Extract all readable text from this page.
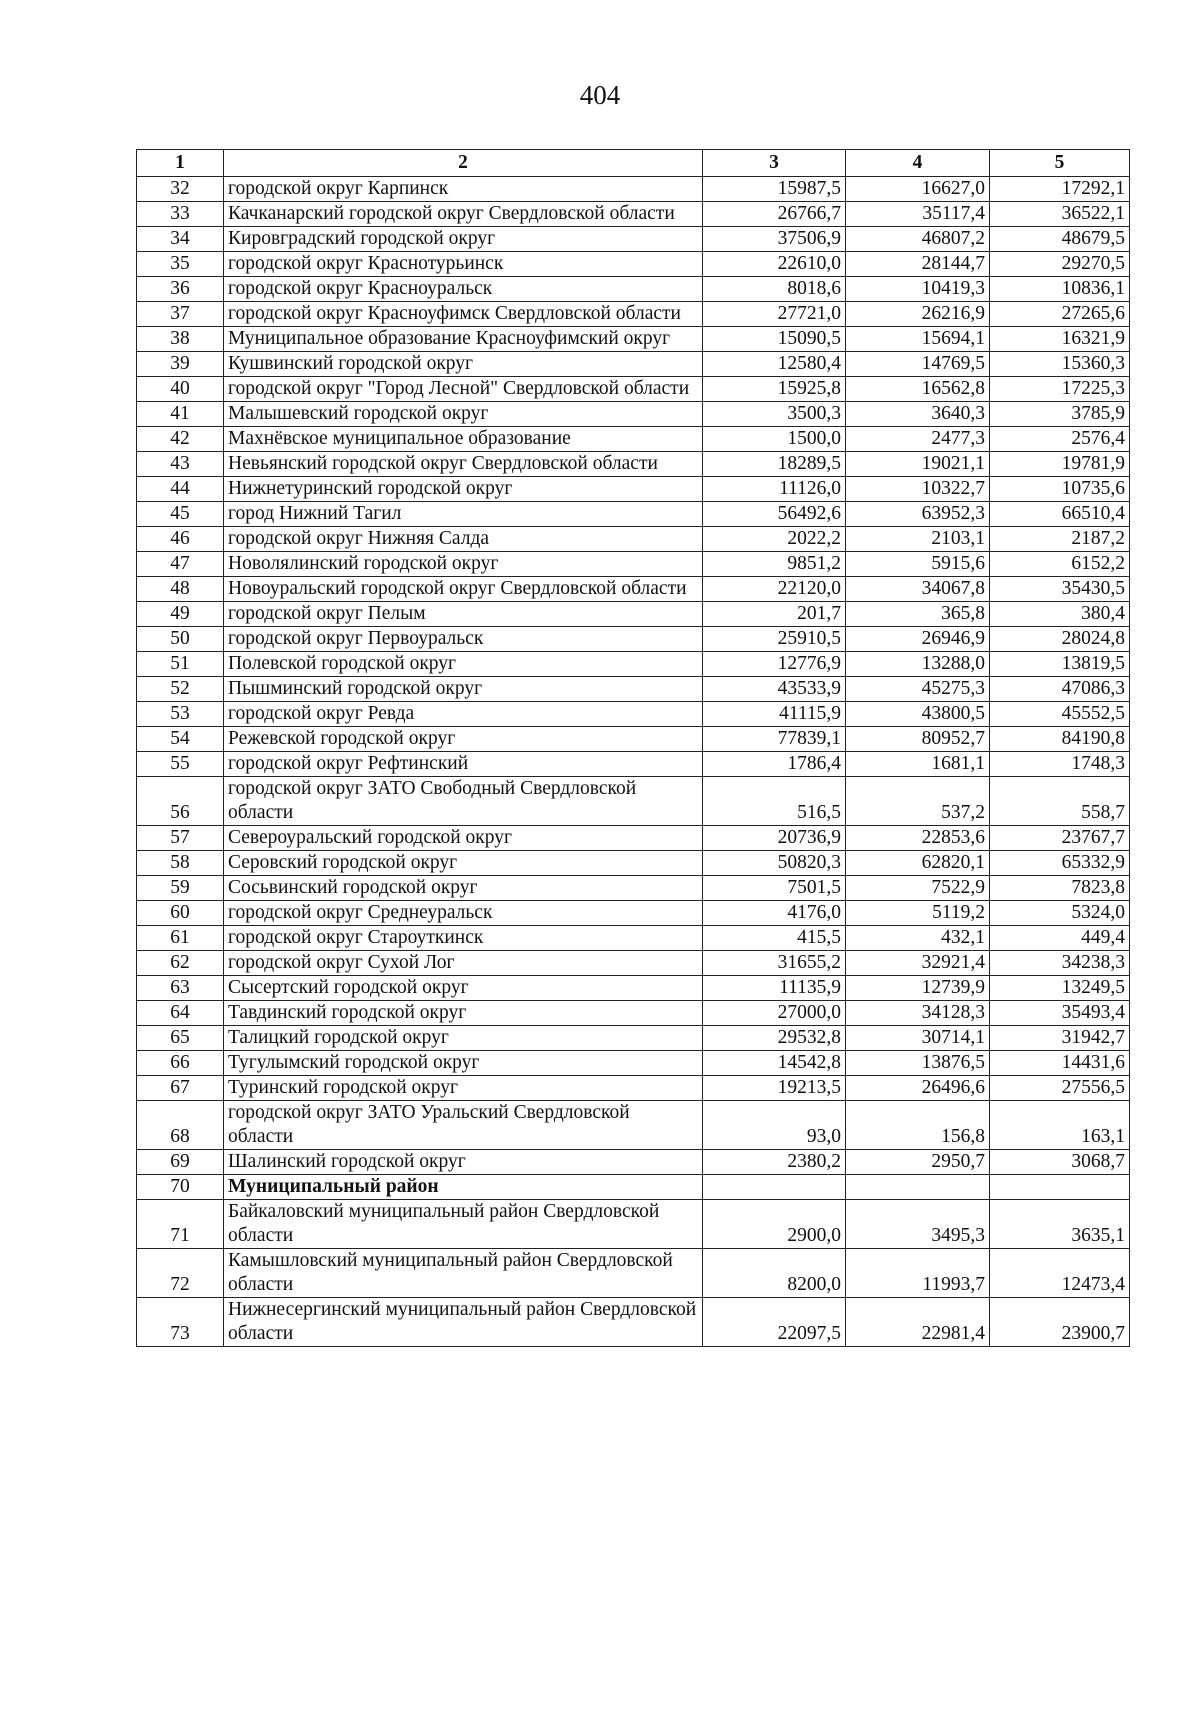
404
1	2	3	4	5
32	городской округ Карпинск	15987,5	16627,0	17292,1
33	Качканарский городской округ Свердловской области	26766,7	35117,4	36522,1
34	Кировградский городской округ	37506,9	46807,2	48679,5
35	городской округ Краснотурьинск	22610,0	28144,7	29270,5
36	городской округ Красноуральск	8018,6	10419,3	10836,1
37	городской округ Красноуфимск Свердловской области	27721,0	26216,9	27265,6
38	Муниципальное образование Красноуфимский округ	15090,5	15694,1	16321,9
39	Кушвинский городской округ	12580,4	14769,5	15360,3
40	городской округ "Город Лесной" Свердловской области	15925,8	16562,8	17225,3
41	Малышевский городской округ	3500,3	3640,3	3785,9
42	Махнёвское муниципальное образование	1500,0	2477,3	2576,4
43	Невьянский городской округ Свердловской области	18289,5	19021,1	19781,9
44	Нижнетуринский городской округ	11126,0	10322,7	10735,6
45	город Нижний Тагил	56492,6	63952,3	66510,4
46	городской округ Нижняя Салда	2022,2	2103,1	2187,2
47	Новолялинский городской округ	9851,2	5915,6	6152,2
48	Новоуральский городской округ Свердловской области	22120,0	34067,8	35430,5
49	городской округ Пелым	201,7	365,8	380,4
50	городской округ Первоуральск	25910,5	26946,9	28024,8
51	Полевской городской округ	12776,9	13288,0	13819,5
52	Пышминский городской округ	43533,9	45275,3	47086,3
53	городской округ Ревда	41115,9	43800,5	45552,5
54	Режевской городской округ	77839,1	80952,7	84190,8
55	городской округ Рефтинский	1786,4	1681,1	1748,3
56	городской округ ЗАТО Свободный Свердловской области	516,5	537,2	558,7
57	Североуральский городской округ	20736,9	22853,6	23767,7
58	Серовский городской округ	50820,3	62820,1	65332,9
59	Сосьвинский городской округ	7501,5	7522,9	7823,8
60	городской округ Среднеуральск	4176,0	5119,2	5324,0
61	городской округ Староуткинск	415,5	432,1	449,4
62	городской округ Сухой Лог	31655,2	32921,4	34238,3
63	Сысертский городской округ	11135,9	12739,9	13249,5
64	Тавдинский городской округ	27000,0	34128,3	35493,4
65	Талицкий городской округ	29532,8	30714,1	31942,7
66	Тугулымский городской округ	14542,8	13876,5	14431,6
67	Туринский городской округ	19213,5	26496,6	27556,5
68	городской округ ЗАТО Уральский Свердловской области	93,0	156,8	163,1
69	Шалинский городской округ	2380,2	2950,7	3068,7
70	Муниципальный район			
71	Байкаловский муниципальный район Свердловской области	2900,0	3495,3	3635,1
72	Камышловский муниципальный район Свердловской области	8200,0	11993,7	12473,4
73	Нижнесергинский муниципальный район Свердловской области	22097,5	22981,4	23900,7
